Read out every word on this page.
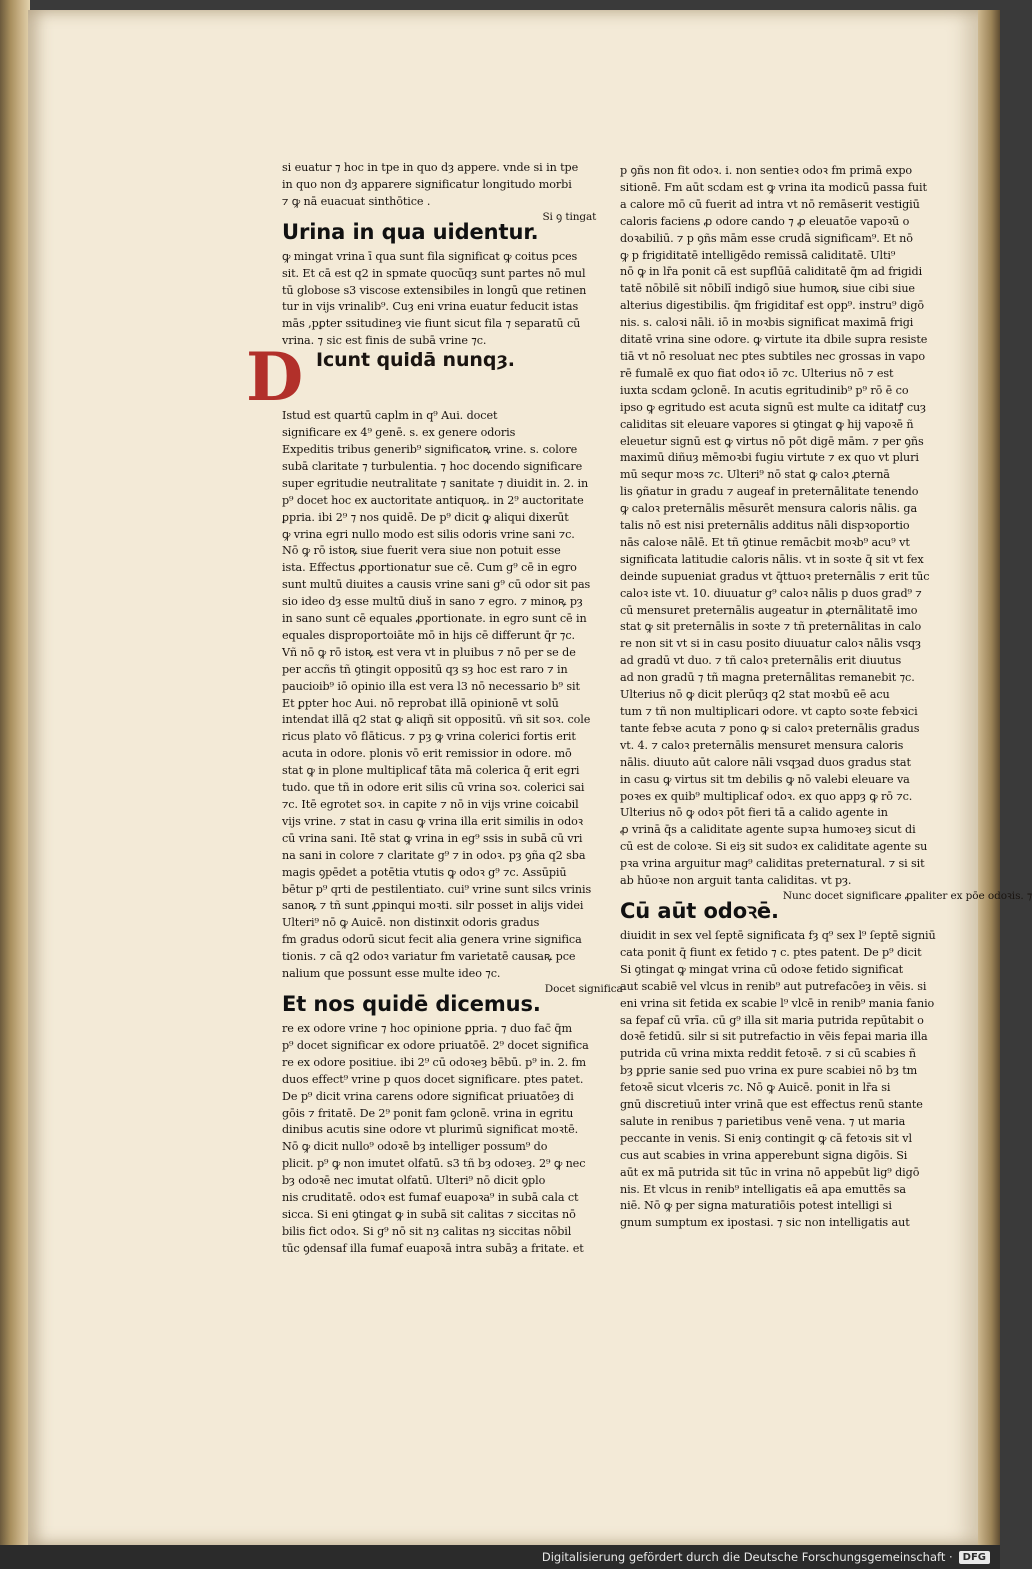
si euatur ⁊ hoc in tpe in quo dȝ appere. vnde si in tpe

in quo non dȝ apparere significatur longitudo morbi

⁊ ꝙ nā euacuat sinthōtice .

Urina in qua uidentur.
Si ꝯ tingat

ꝙ mingat vrina ī qua sunt fila significat ꝙ coitus pces

sit. Et cā est q2 in spmate quocūqȝ sunt partes nō mul

tū globose s3 viscose extensibiles in longū que retinen

tur in vijs vrinalib⁹. Cuȝ eni vrina euatur feducit istas

mās ,pꝑter ssitudineȝ vie fiunt sicut fila ⁊ separatū cū

vrina. ⁊ sic est finis de subā vrine ⁊c.

D Icunt quidā nunqȝ.

Istud est quartū caplm in q⁹ Aui. docet

significare ex 4⁹ genē. s. ex genere odoris

Expeditis tribus generib⁹ significatoꝶ vrine. s. colore

subā claritate ⁊ turbulentia. ⁊ hoc docendo significare

super egritudie neutralitate ⁊ sanitate ⁊ diuidit in. 2. in

p⁹ docet hoc ex auctoritate antiquoꝶ. in 2⁹ auctoritate

ꝑpria. ibi 2⁹ ⁊ nos quidē. De p⁹ dicit ꝙ aliqui dixerūt

ꝙ vrina egri nullo modo est silis odoris vrine sani ⁊c.

Nō ꝙ rō istoꝶ siue fuerit vera siue non potuit esse

ista. Effectus ꝓportionatur sue cē. Cum g⁹ cē in egro

sunt multū diuites a causis vrine sani g⁹ cū odor sit pas

sio ideo dȝ esse multū diuš in sano ⁊ egro. ⁊ minoꝶ pȝ

in sano sunt cē equales ꝓportionate. in egro sunt cē in

equales disproportoiāte mō in hijs cē differunt q̄r ⁊c.

Vñ nō ꝙ rō istoꝶ est vera vt in pluibus ⁊ nō per se de

per accñs tñ ꝯtingit oppositū qȝ sȝ hoc est raro ⁊ in

paucioib⁹ iō opinio illa est vera l3 nō necessario b⁹ sit

Et ꝑpter hoc Aui. nō reprobat illā opinionē vt solū

intendat illā q2 stat ꝙ aliqñ sit oppositū. vñ sit soꝛ. cole

ricus plato vō flāticus. ⁊ pȝ ꝙ vrina colerici fortis erit

acuta in odore. plonis vō erit remissior in odore. mō

stat ꝙ in plone multiplicaf tāta mā colerica q̄ erit egri

tudo. que tñ in odore erit silis cū vrina soꝛ. colerici sai

⁊c. Itē egrotet soꝛ. in capite ⁊ nō in vijs vrine coicabil

vijs vrine. ⁊ stat in casu ꝙ vrina illa erit similis in odoꝛ

cū vrina sani. Itē stat ꝙ vrina in eg⁹ ssis in subā cū vri

na sani in colore ⁊ claritate g⁹ ⁊ in odoꝛ. pȝ ꝯña q2 sba

magis ꝯpēdet a potētia vtutis ꝙ odoꝛ g⁹ ⁊c. Assūpiū

bētur p⁹ qrti de pestilentiato. cui⁹ vrine sunt silcs vrinis

sanoꝶ ⁊ tñ sunt ꝓpinqui moꝛti. silr posset in alijs videi

Ulteri⁹ nō ꝙ Auicē. non distinxit odoris gradus

fm gradus odorū sicut fecit alia genera vrine significa

tionis. ⁊ cā q2 odoꝛ variatur fm varietatē causaꝶ pce

nalium que possunt esse multe ideo ⁊c.

Et nos quidē dicemus.
Docet significa

re ex odore vrine ⁊ hoc opinione ꝑpria. ⁊ duo fac̄ q̄m

p⁹ docet significar ex odore priuatōē. 2⁹ docet significa

re ex odore positiue. ibi 2⁹ cū odoꝛeȝ bēbū. p⁹ in. 2. fm

duos effect⁹ vrine p quos docet significare. ptes patet.

De p⁹ dicit vrina carens odore significat priuatōeȝ di

gōis ⁊ fritatē. De 2⁹ ponit fam ꝯclonē. vrina in egritu

dinibus acutis sine odore vt plurimū significat moꝛtē.

Nō ꝙ dicit nullo⁹ odoꝛē bȝ intelliger possum⁹ do

plicit. p⁹ ꝙ non imutet olfatū. s3 tñ bȝ odoꝛeȝ. 2⁹ ꝙ nec

bȝ odoꝛē nec imutat olfatū. Ulteri⁹ nō dicit ꝯplo

nis cruditatē. odoꝛ est fumaf euapoꝛa⁹ in subā cala ct

sicca. Si eni ꝯtingat ꝙ in subā sit calitas ⁊ siccitas nō

bilis fict odoꝛ. Si g⁹ nō sit nȝ calitas nȝ siccitas nōbil

tūc ꝯdensaf illa fumaf euapoꝛā intra subāȝ a fritate. et

p ꝯñs non fit odoꝛ. i. non sentieꝛ odoꝛ fm primā expo

sitionē. Fm aūt scdam est ꝙ vrina ita modicū passa fuit

a calore mō cū fuerit ad intra vt nō remāserit vestigiū

caloris faciens ꝓ odore cando ⁊ ꝓ eleuatōe vapoꝛū o

doꝛabiliū. ⁊ p ꝯñs mām esse crudā significam⁹. Et nō

ꝙ p frigiditatē intelligēdo remissā caliditatē. Ulti⁹

nō ꝙ in lr̄a ponit cā est supflūā caliditatē q̄m ad frigidi

tatē nōbilē sit nōbilī indigō siue humoꝶ siue cibi siue

alterius digestibilis. q̄m frigiditaf est opp⁹. instru⁹ digō

nis. s. caloꝛi nāli. iō in moꝛbis significat maximā frigi

ditatē vrina sine odore. ꝙ virtute ita dbile supra resiste

tiā vt nō resoluat nec ptes subtiles nec grossas in vapo

rē fumalē ex quo fiat odoꝛ iō ⁊c. Ulterius nō ⁊ est

iuxta scdam ꝯclonē. In acutis egritudinib⁹ p⁹ rō ē co

ipso ꝙ egritudo est acuta signū est multe ca iditatꝭ cuȝ

caliditas sit eleuare vapores si ꝯtingat ꝙ hij vapoꝛē ñ

eleuetur signū est ꝙ virtus nō pōt digē mām. ⁊ per ꝯñs

maximū diñuȝ mēmoꝛbi fugiu virtute ⁊ ex quo vt pluri

mū sequr moꝛs ⁊c. Ulteri⁹ nō stat ꝙ caloꝛ ꝓternā

lis ꝯñatur in gradu ⁊ augeaf in preternālitate tenendo

ꝙ caloꝛ preternālis mēsurēt mensura caloris nālis. ga

talis nō est nisi preternālis additus nāli dispꝛoportio

nās caloꝛe nālē. Et tñ ꝯtinue remācbit moꝛb⁹ acu⁹ vt

significata latitudie caloris nālis. vt in soꝛte q̄ sit vt fex

deinde supueniat gradus vt q̄ttuoꝛ preternālis ⁊ erit tūc

caloꝛ iste vt. 10. diuuatur g⁹ caloꝛ nālis p duos grad⁹ ⁊

cū mensuret preternālis augeatur in ꝓternālitatē imo

stat ꝙ sit preternālis in soꝛte ⁊ tñ preternālitas in calo

re non sit vt si in casu posito diuuatur caloꝛ nālis vsqȝ

ad gradū vt duo. ⁊ tñ caloꝛ preternālis erit diuutus

ad non gradū ⁊ tñ magna preternālitas remanebit ⁊c.

Ulterius nō ꝙ dicit plerūqȝ q2 stat moꝛbū eē acu

tum ⁊ tñ non multiplicari odore. vt capto soꝛte febꝛici

tante febꝛe acuta ⁊ pono ꝙ si caloꝛ preternālis gradus

vt. 4. ⁊ caloꝛ preternālis mensuret mensura caloris

nālis. diuuto aūt calore nāli vsqȝad duos gradus stat

in casu ꝙ virtus sit tm debilis ꝙ nō valebi eleuare va

poꝛes ex quib⁹ multiplicaf odoꝛ. ex quo appȝ ꝙ rō ⁊c.

Ulterius nō ꝙ odoꝛ pōt fieri tā a calido agente in

ꝓ vrinā q̄s a caliditate agente supꝛa humoꝛeȝ sicut di

cū est de coloꝛe. Si eiȝ sit sudoꝛ ex caliditate agente su

pꝛa vrina arguitur mag⁹ caliditas preternatural. ⁊ si sit

ab hūoꝛe non arguit tanta caliditas. vt pȝ.

Cū aūt odoꝛē.
Nunc docet significare ꝓpaliter ex pōe odoꝛis. ⁊

diuidit in sex vel ſeptē significata fȝ q⁹ sex l⁹ ſeptē signiū

cata ponit q̄ fiunt ex fetido ⁊ c. ptes patent. De p⁹ dicit

Si ꝯtingat ꝙ mingat vrina cū odoꝛe fetido significat

aut scabiē vel vlcus in renib⁹ aut putrefacōeȝ in vēis. si

eni vrina sit fetida ex scabie l⁹ vlcē in renib⁹ mania fanio

sa fepaf cū vrīa. cū g⁹ illa sit maria putrida repūtabit o

doꝛē fetidū. silr si sit putrefactio in vēis fepai maria illa

putrida cū vrina mixta reddit fetoꝛē. ⁊ si cū scabies ñ

bȝ ꝑprie sanie sed puo vrina ex pure scabiei nō bȝ tm

fetoꝛē sicut vlceris ⁊c. Nō ꝙ Auicē. ponit in lr̄a si

gnū discretiuū inter vrinā que est effectus renū stante

salute in renibus ⁊ parietibus venē vena. ⁊ ut maria

peccante in venis. Si eniȝ contingit ꝙ cā fetoꝛis sit vl

cus aut scabies in vrina apperebunt signa digōis. Si

aūt ex mā putrida sit tūc in vrina nō appebūt lig⁹ digō

nis. Et vlcus in renib⁹ intelligatis eā apa emuttēs sa

niē. Nō ꝙ per signa maturatiōis potest intelligi si

gnum sumptum ex ipostasi. ⁊ sic non intelligatis aut

Digitalisierung gefördert durch die Deutsche Forschungsgemeinschaft ·	DFG
